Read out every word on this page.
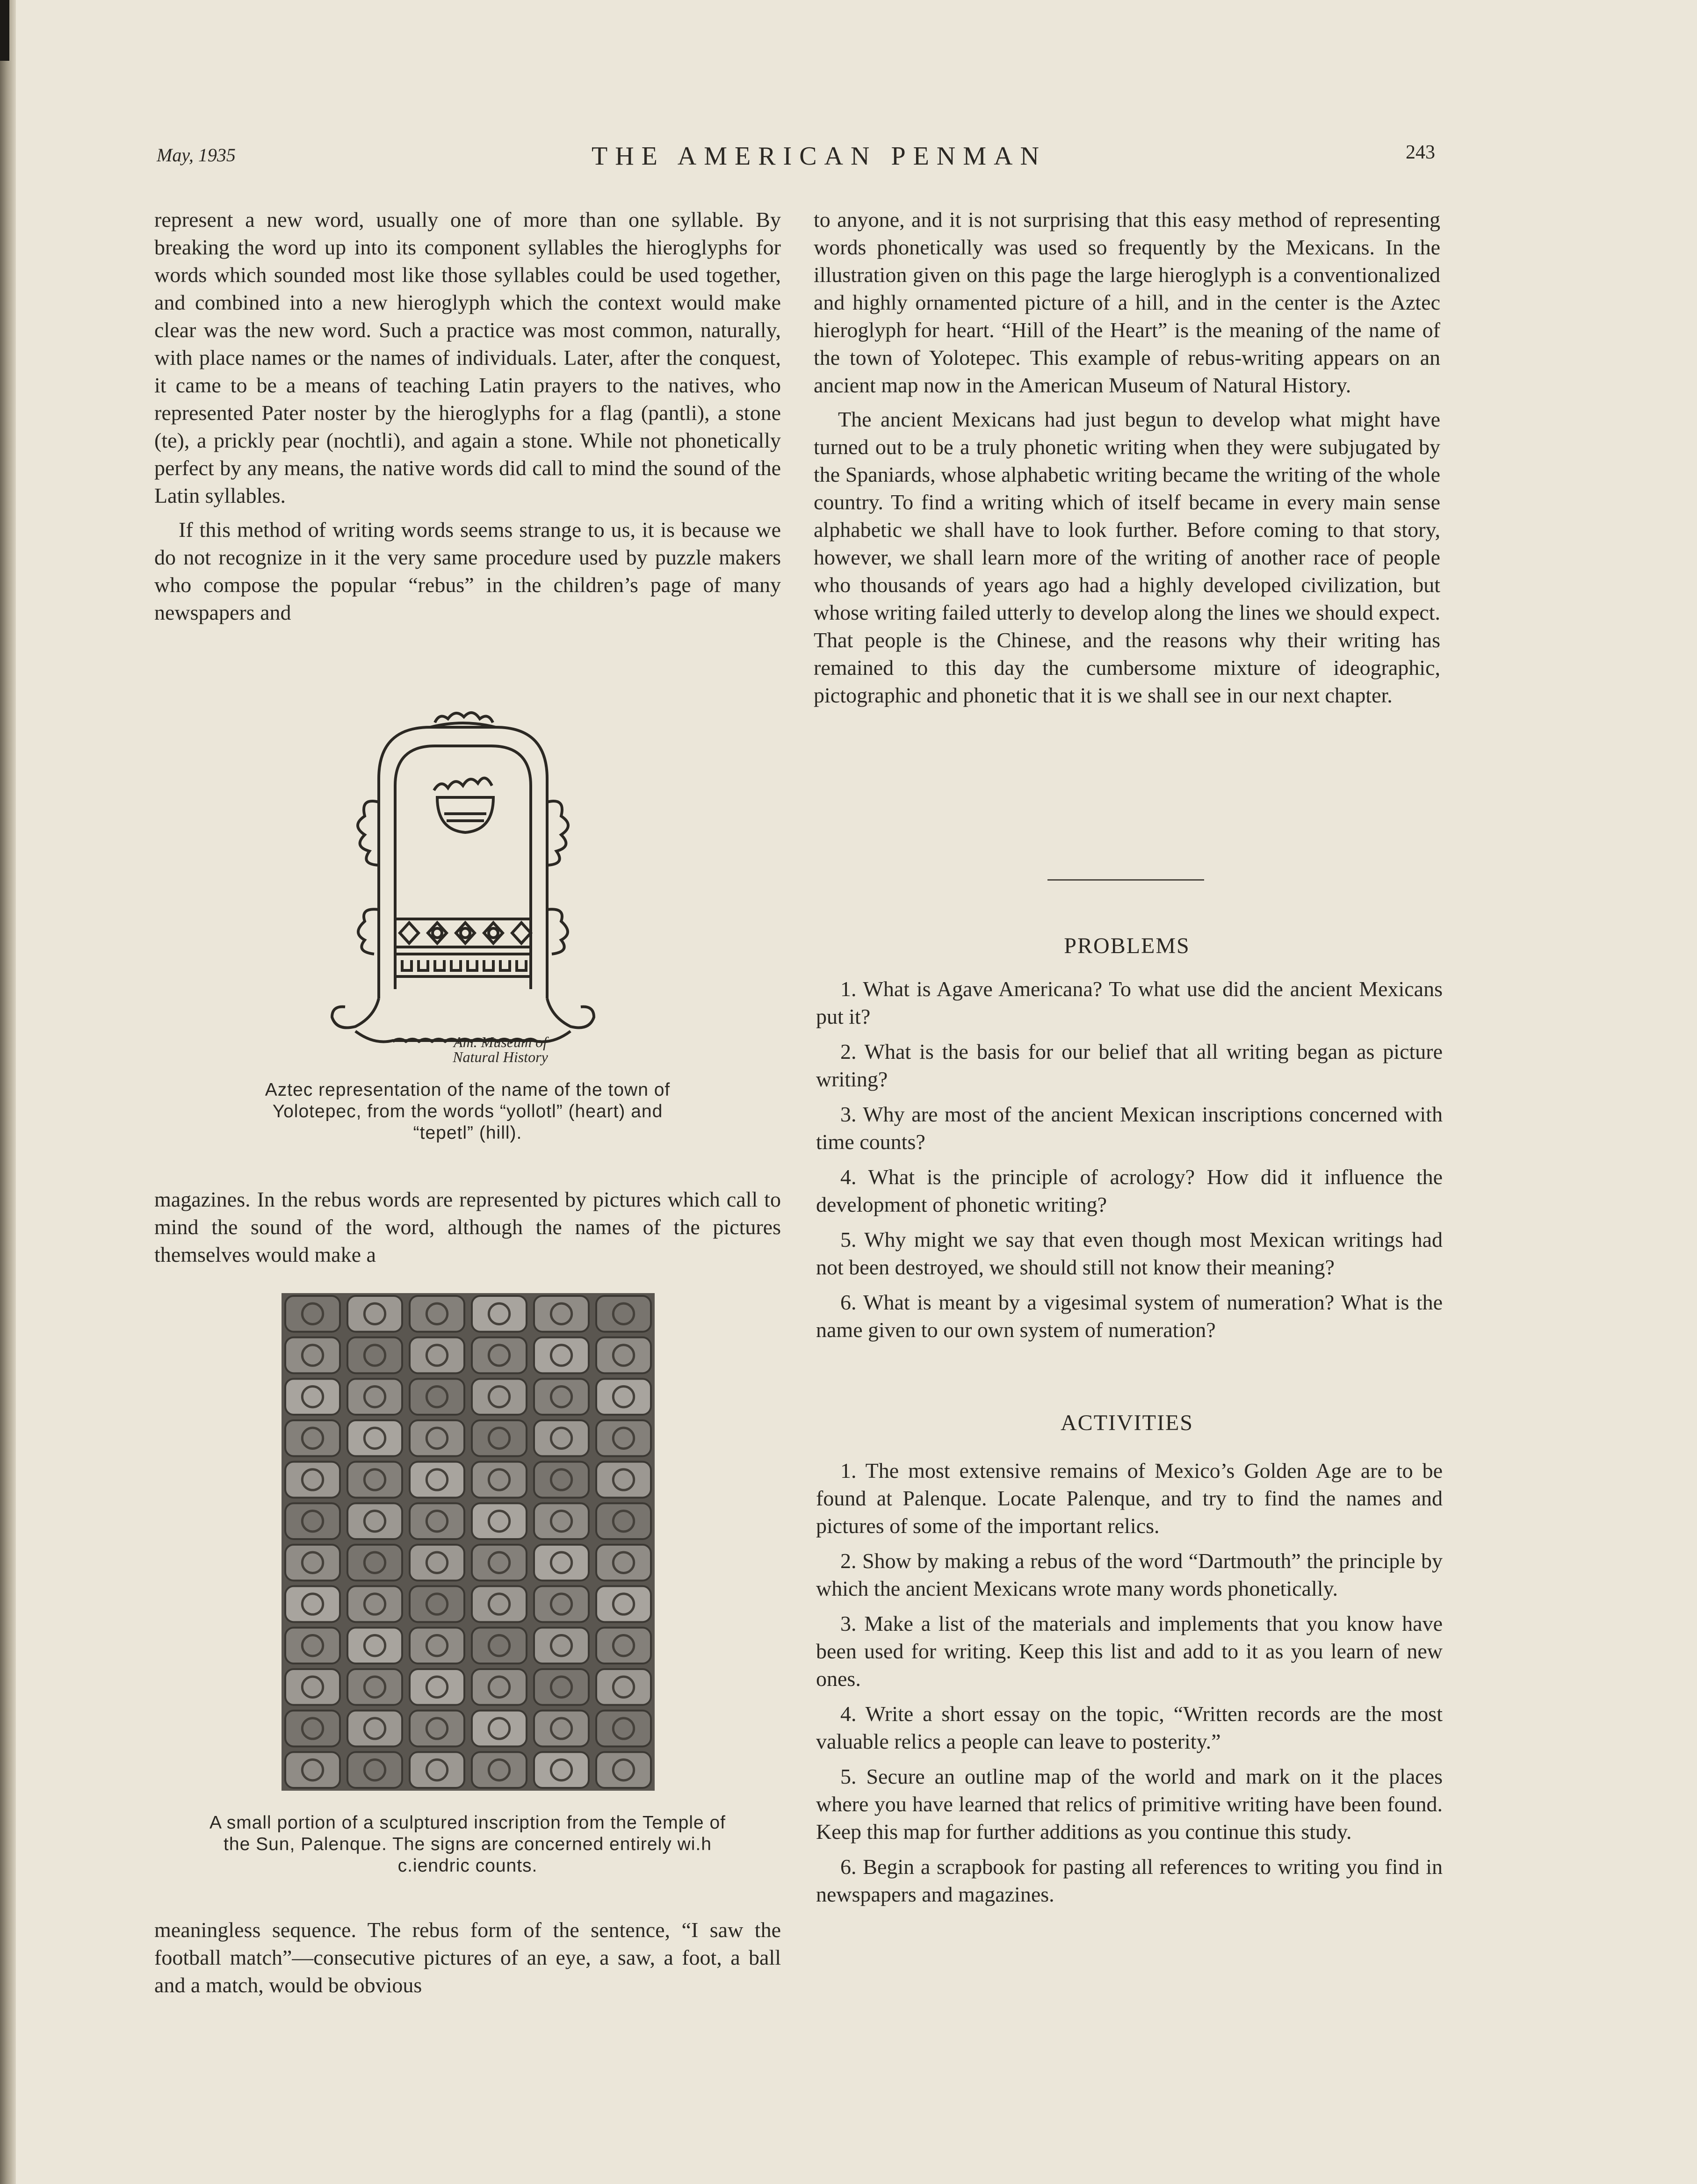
May, 1935	THE AMERICAN PENMAN	243

represent a new word, usually one of more than one syllable. By breaking the word up into its component syllables the hieroglyphs for words which sounded most like those syllables could be used together, and combined into a new hieroglyph which the context would make clear was the new word. Such a practice was most common, naturally, with place names or the names of individuals. Later, after the conquest, it came to be a means of teaching Latin prayers to the natives, who represented Pater noster by the hieroglyphs for a flag (pantli), a stone (te), a prickly pear (nochtli), and again a stone. While not phonetically perfect by any means, the native words did call to mind the sound of the Latin syllables.

If this method of writing words seems strange to us, it is because we do not recognize in it the very same procedure used by puzzle makers who compose the popular “rebus” in the children’s page of many newspapers and

Am. Museum of
Natural History
Aztec representation of the name of the town of Yolotepec, from the words “yollotl” (heart) and “tepetl” (hill).

magazines. In the rebus words are represented by pictures which call to mind the sound of the word, although the names of the pictures themselves would make a

A small portion of a sculptured inscription from the Temple of the Sun, Palenque. The signs are concerned entirely wi.h c.iendric counts.

meaningless sequence. The rebus form of the sentence, “I saw the football match”—consecutive pictures of an eye, a saw, a foot, a ball and a match, would be obvious

to anyone, and it is not surprising that this easy method of representing words phonetically was used so frequently by the Mexicans. In the illustration given on this page the large hieroglyph is a conventionalized and highly ornamented picture of a hill, and in the center is the Aztec hieroglyph for heart. “Hill of the Heart” is the meaning of the name of the town of Yolotepec. This example of rebus-writing appears on an ancient map now in the American Museum of Natural History.

The ancient Mexicans had just begun to develop what might have turned out to be a truly phonetic writing when they were subjugated by the Spaniards, whose alphabetic writing became the writing of the whole country. To find a writing which of itself became in every main sense alphabetic we shall have to look further. Before coming to that story, however, we shall learn more of the writing of another race of people who thousands of years ago had a highly developed civilization, but whose writing failed utterly to develop along the lines we should expect. That people is the Chinese, and the reasons why their writing has remained to this day the cumbersome mixture of ideographic, pictographic and phonetic that it is we shall see in our next chapter.

PROBLEMS

1. What is Agave Americana? To what use did the ancient Mexicans put it?

2. What is the basis for our belief that all writing began as picture writing?

3. Why are most of the ancient Mexican inscriptions concerned with time counts?

4. What is the principle of acrology? How did it influence the development of phonetic writing?

5. Why might we say that even though most Mexican writings had not been destroyed, we should still not know their meaning?

6. What is meant by a vigesimal system of numeration? What is the name given to our own system of numeration?

ACTIVITIES

1. The most extensive remains of Mexico’s Golden Age are to be found at Palenque. Locate Palenque, and try to find the names and pictures of some of the important relics.

2. Show by making a rebus of the word “Dartmouth” the principle by which the ancient Mexicans wrote many words phonetically.

3. Make a list of the materials and implements that you know have been used for writing. Keep this list and add to it as you learn of new ones.

4. Write a short essay on the topic, “Written records are the most valuable relics a people can leave to posterity.”

5. Secure an outline map of the world and mark on it the places where you have learned that relics of primitive writing have been found. Keep this map for further additions as you continue this study.

6. Begin a scrapbook for pasting all references to writing you find in newspapers and magazines.
